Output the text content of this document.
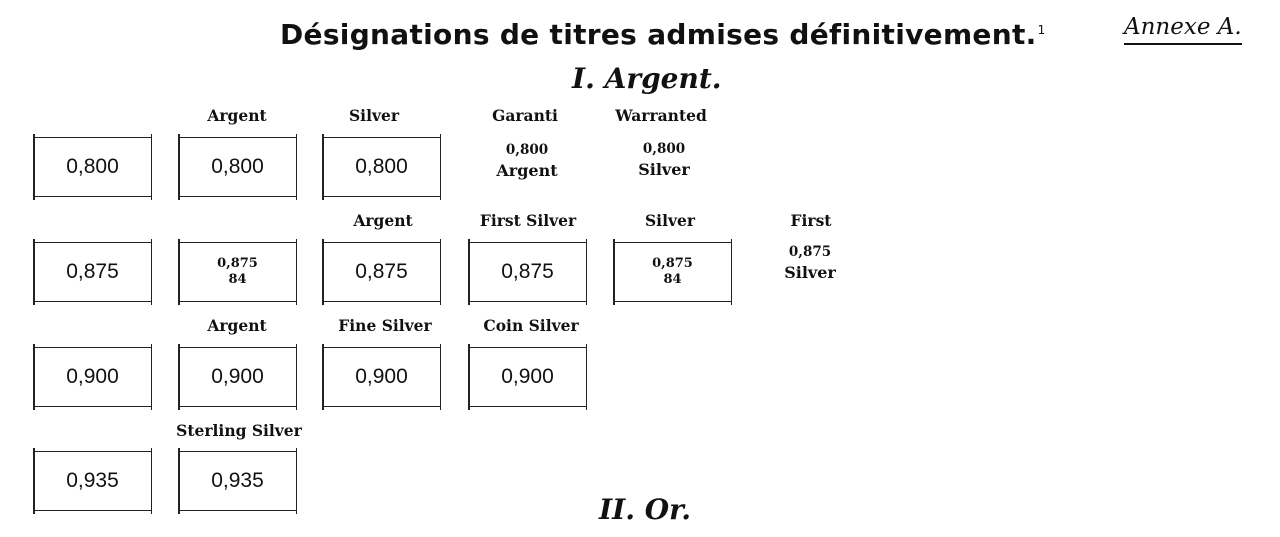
Désignations de titres admises définitivement.$^1$	Annexe A.
I. Argent.
0,800
Argent
0,800
Silver
0,800
Garanti
0,800
Argent
Warranted
0,800
Silver
0,875	0,875
84
Argent
0,875
First Silver
0,875
Silver
0,875
84
First
0,875
Silver
0,900
Argent
0,900
Fine Silver
0,900
Coin Silver
0,900
0,935
Sterling Silver
0,935
II. Or.
